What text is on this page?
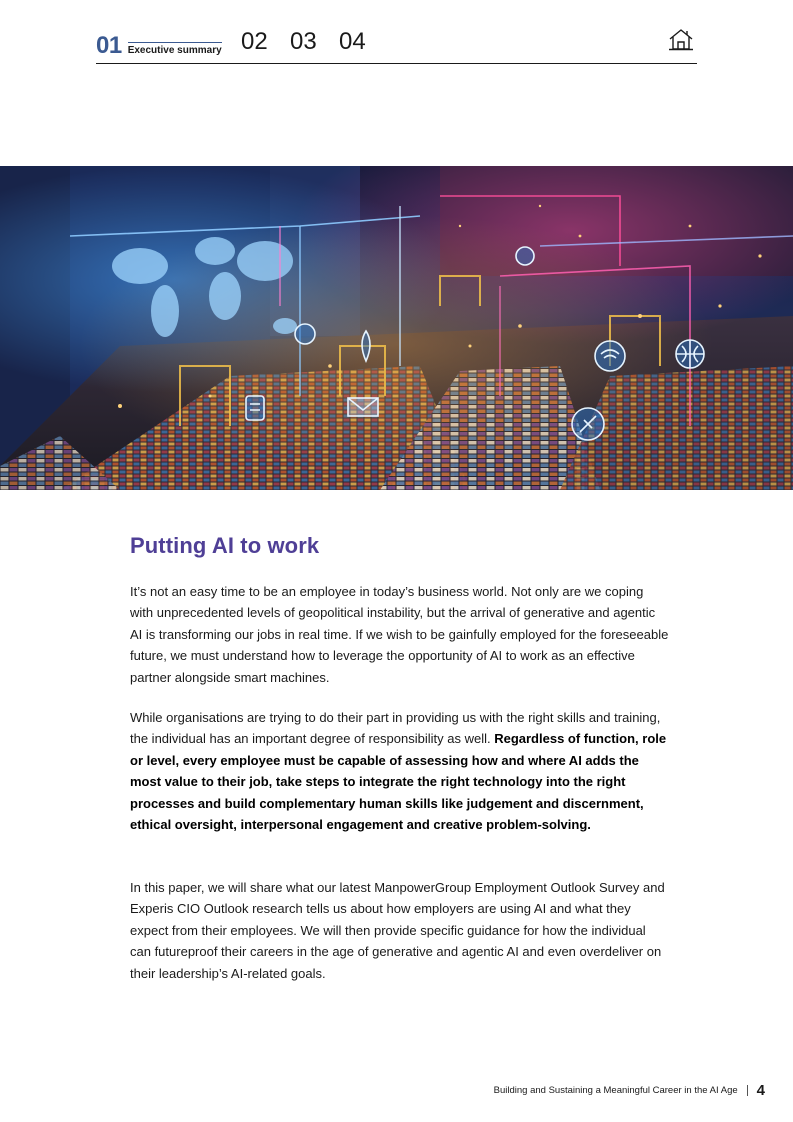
01 Executive summary 02 03 04
Putting AI to work

It’s not an easy time to be an employee in today’s business world. Not only are we coping with unprecedented levels of geopolitical instability, but the arrival of generative and agentic AI is transforming our jobs in real time. If we wish to be gainfully employed for the foreseeable future, we must understand how to leverage the opportunity of AI to work as an effective partner alongside smart machines.

While organisations are trying to do their part in providing us with the right skills and training, the individual has an important degree of responsibility as well. Regardless of function, role or level, every employee must be capable of assessing how and where AI adds the most value to their job, take steps to integrate the right technology into the right processes and build complementary human skills like judgement and discernment, ethical oversight, interpersonal engagement and creative problem-solving.

In this paper, we will share what our latest ManpowerGroup Employment Outlook Survey and Experis CIO Outlook research tells us about how employers are using AI and what they expect from their employees. We will then provide specific guidance for how the individual can futureproof their careers in the age of generative and agentic AI and even overdeliver on their leadership’s AI-related goals.

Building and Sustaining a Meaningful Career in the AI Age 4
